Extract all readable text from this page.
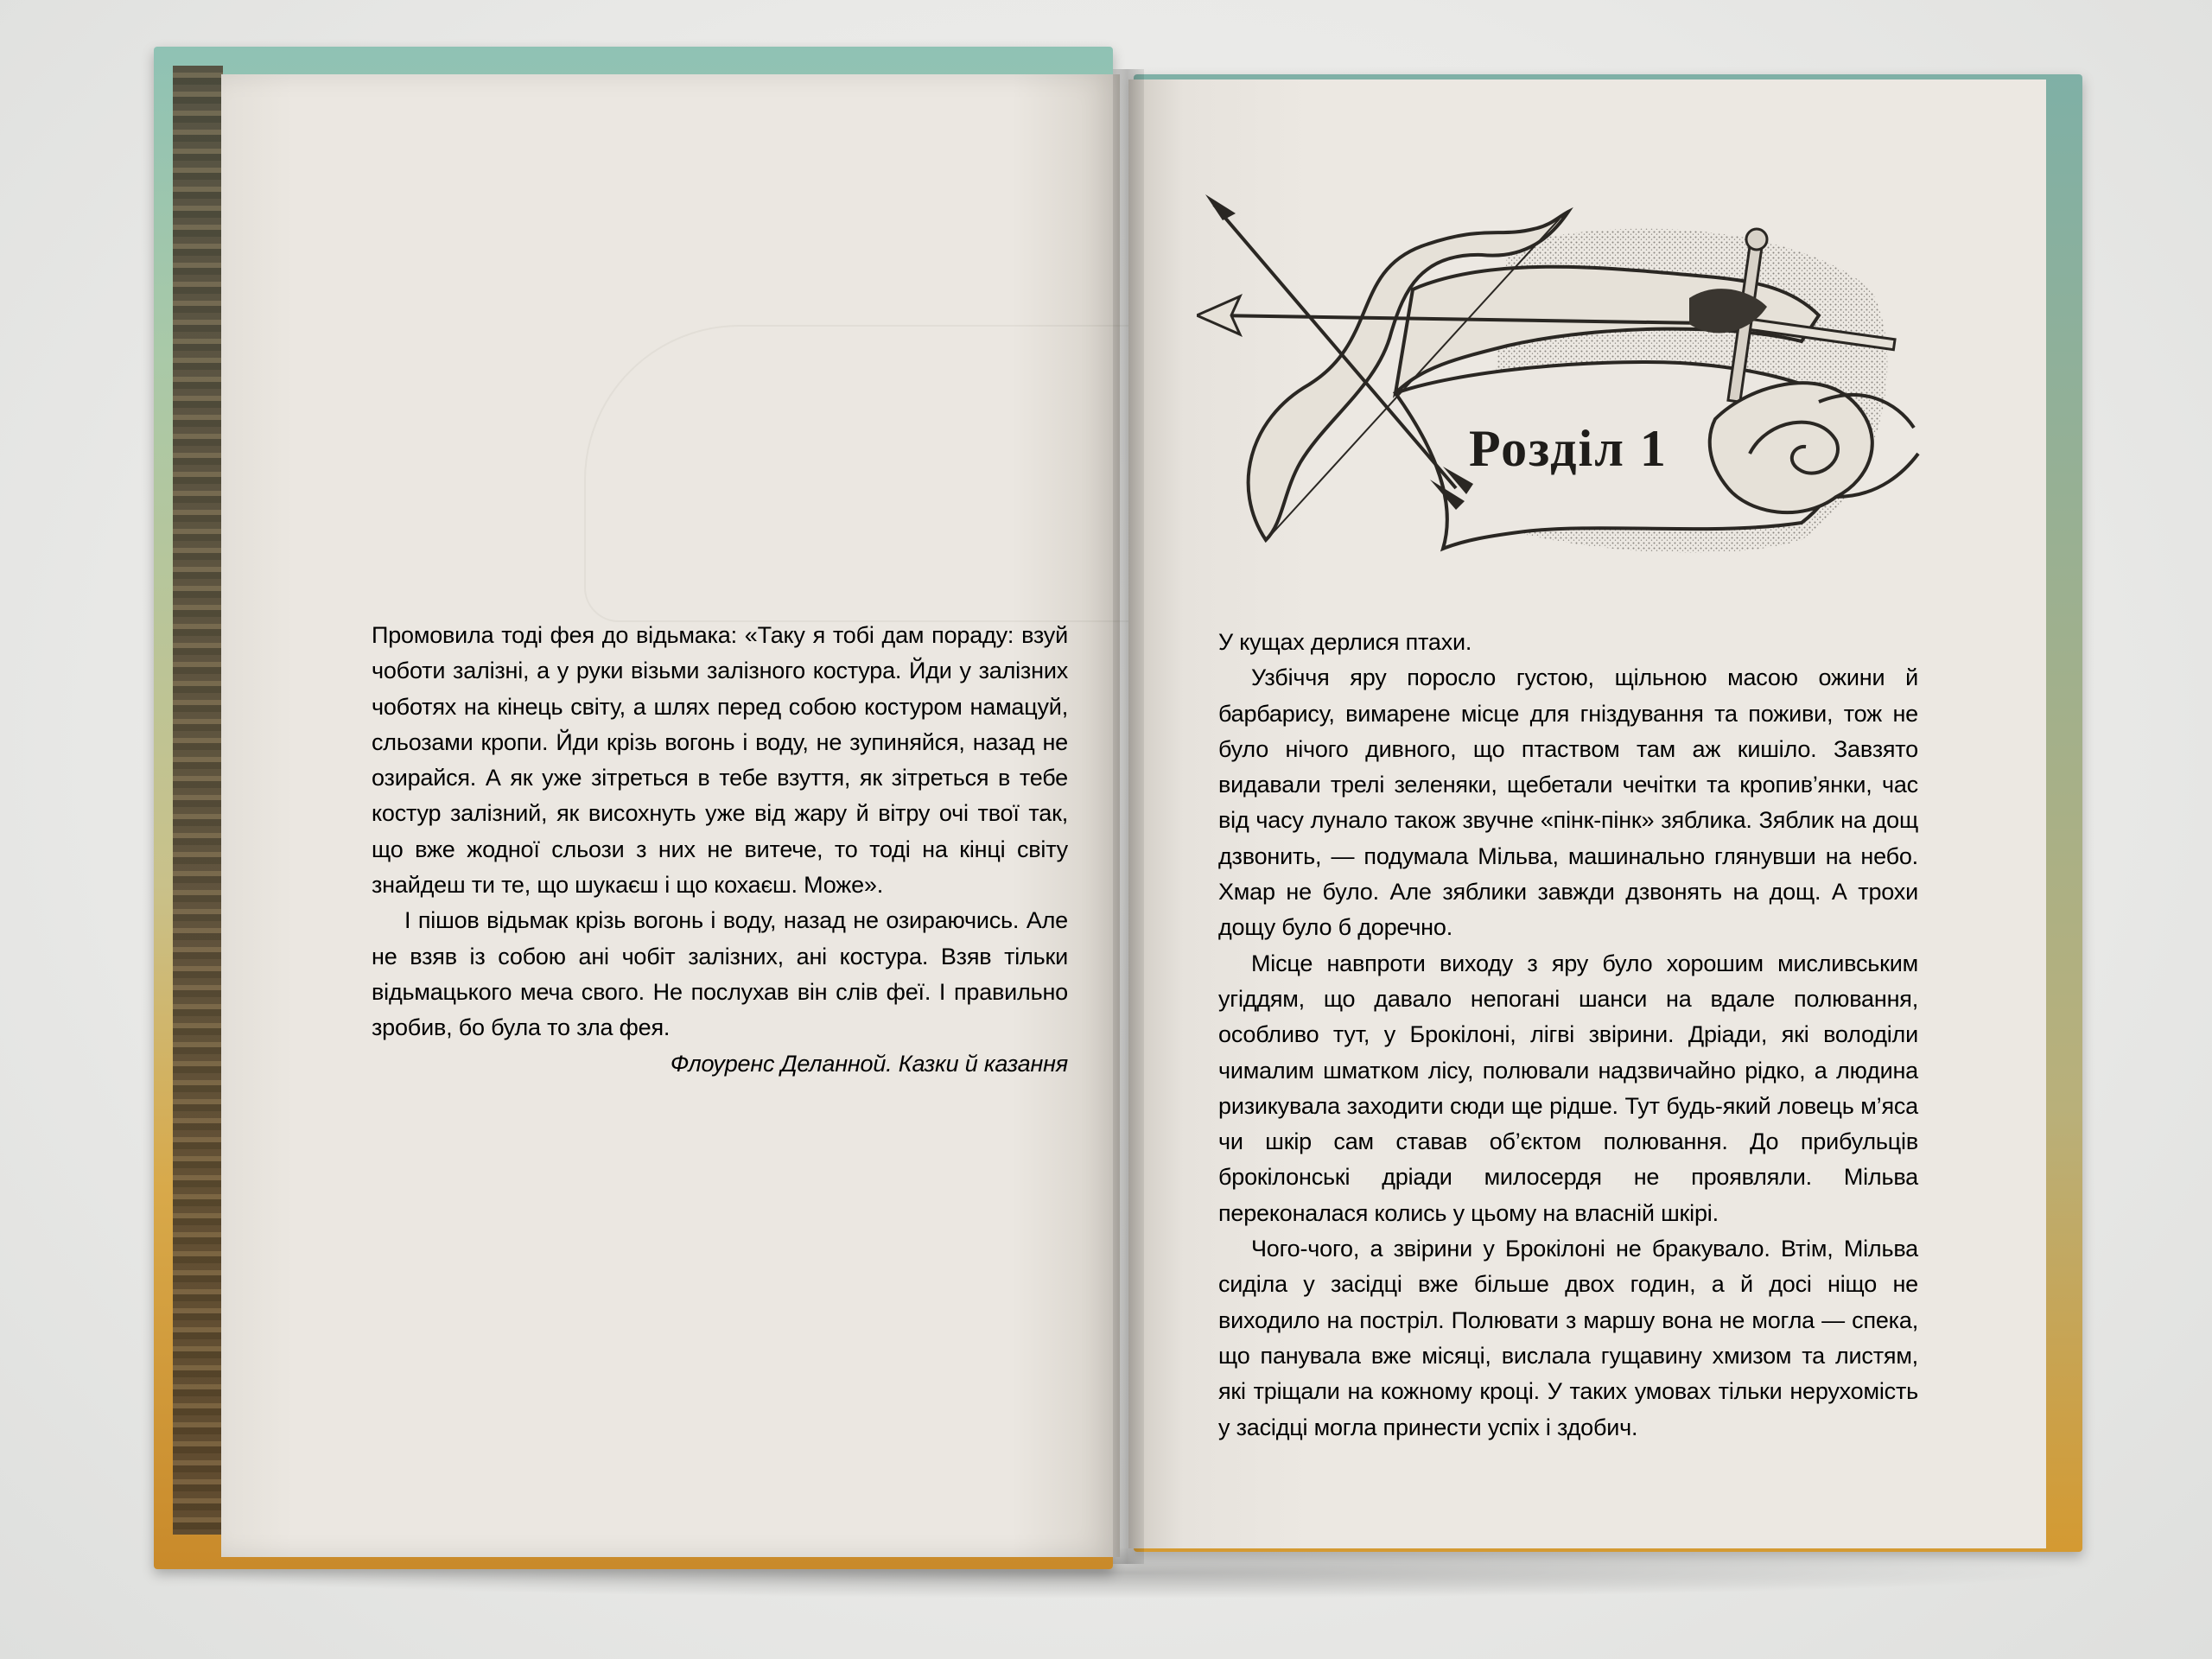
Промовила тоді фея до відьмака: «Таку я тобі дам пораду: взуй чоботи залізні, а у руки візьми залізного костура. Йди у залізних чоботях на кінець світу, а шлях перед собою костуром намацуй, сльозами кропи. Йди крізь вогонь і воду, не зупиняйся, назад не озирайся. А як уже зітреться в тебе взуття, як зітреться в тебе костур залізний, як висохнуть уже від жару й вітру очі твої так, що вже жодної сльози з них не витече, то тоді на кінці світу знайдеш ти те, що шукаєш і що кохаєш. Може».

І пішов відьмак крізь вогонь і воду, назад не озираючись. Але не взяв із собою ані чобіт залізних, ані костура. Взяв тільки відьмацького меча свого. Не послухав він слів феї. І правильно зробив, бо була то зла фея.

Флоуренс Деланной. Казки й казання

Розділ 1

У кущах дерлися птахи.

Узбіччя яру поросло густою, щільною масою ожини й барбарису, вимарене місце для гніздування та поживи, тож не було нічого дивного, що птаством там аж кишіло. Завзято видавали трелі зеленяки, щебетали чечітки та кропив’янки, час від часу лунало також звучне «пінк-пінк» зяблика. Зяблик на дощ дзвонить, — подумала Мільва, машинально глянувши на небо. Хмар не було. Але зяблики завжди дзвонять на дощ. А трохи дощу було б доречно.

Місце навпроти виходу з яру було хорошим мисливським угіддям, що давало непогані шанси на вдале полювання, особливо тут, у Брокілоні, лігві звірини. Дріади, які володіли чималим шматком лісу, полювали надзвичайно рідко, а людина ризикувала заходити сюди ще рідше. Тут будь-який ловець м’яса чи шкір сам ставав об’єктом полювання. До прибульців брокілонські дріади милосердя не проявляли. Мільва переконалася колись у цьому на власній шкірі.

Чого-чого, а звірини у Брокілоні не бракувало. Втім, Мільва сиділа у засідці вже більше двох годин, а й досі ніщо не виходило на постріл. Полювати з маршу вона не могла — спека, що панувала вже місяці, вислала гущавину хмизом та листям, які тріщали на кожному кроці. У таких умовах тільки нерухомість у засідці могла принести успіх і здобич.
